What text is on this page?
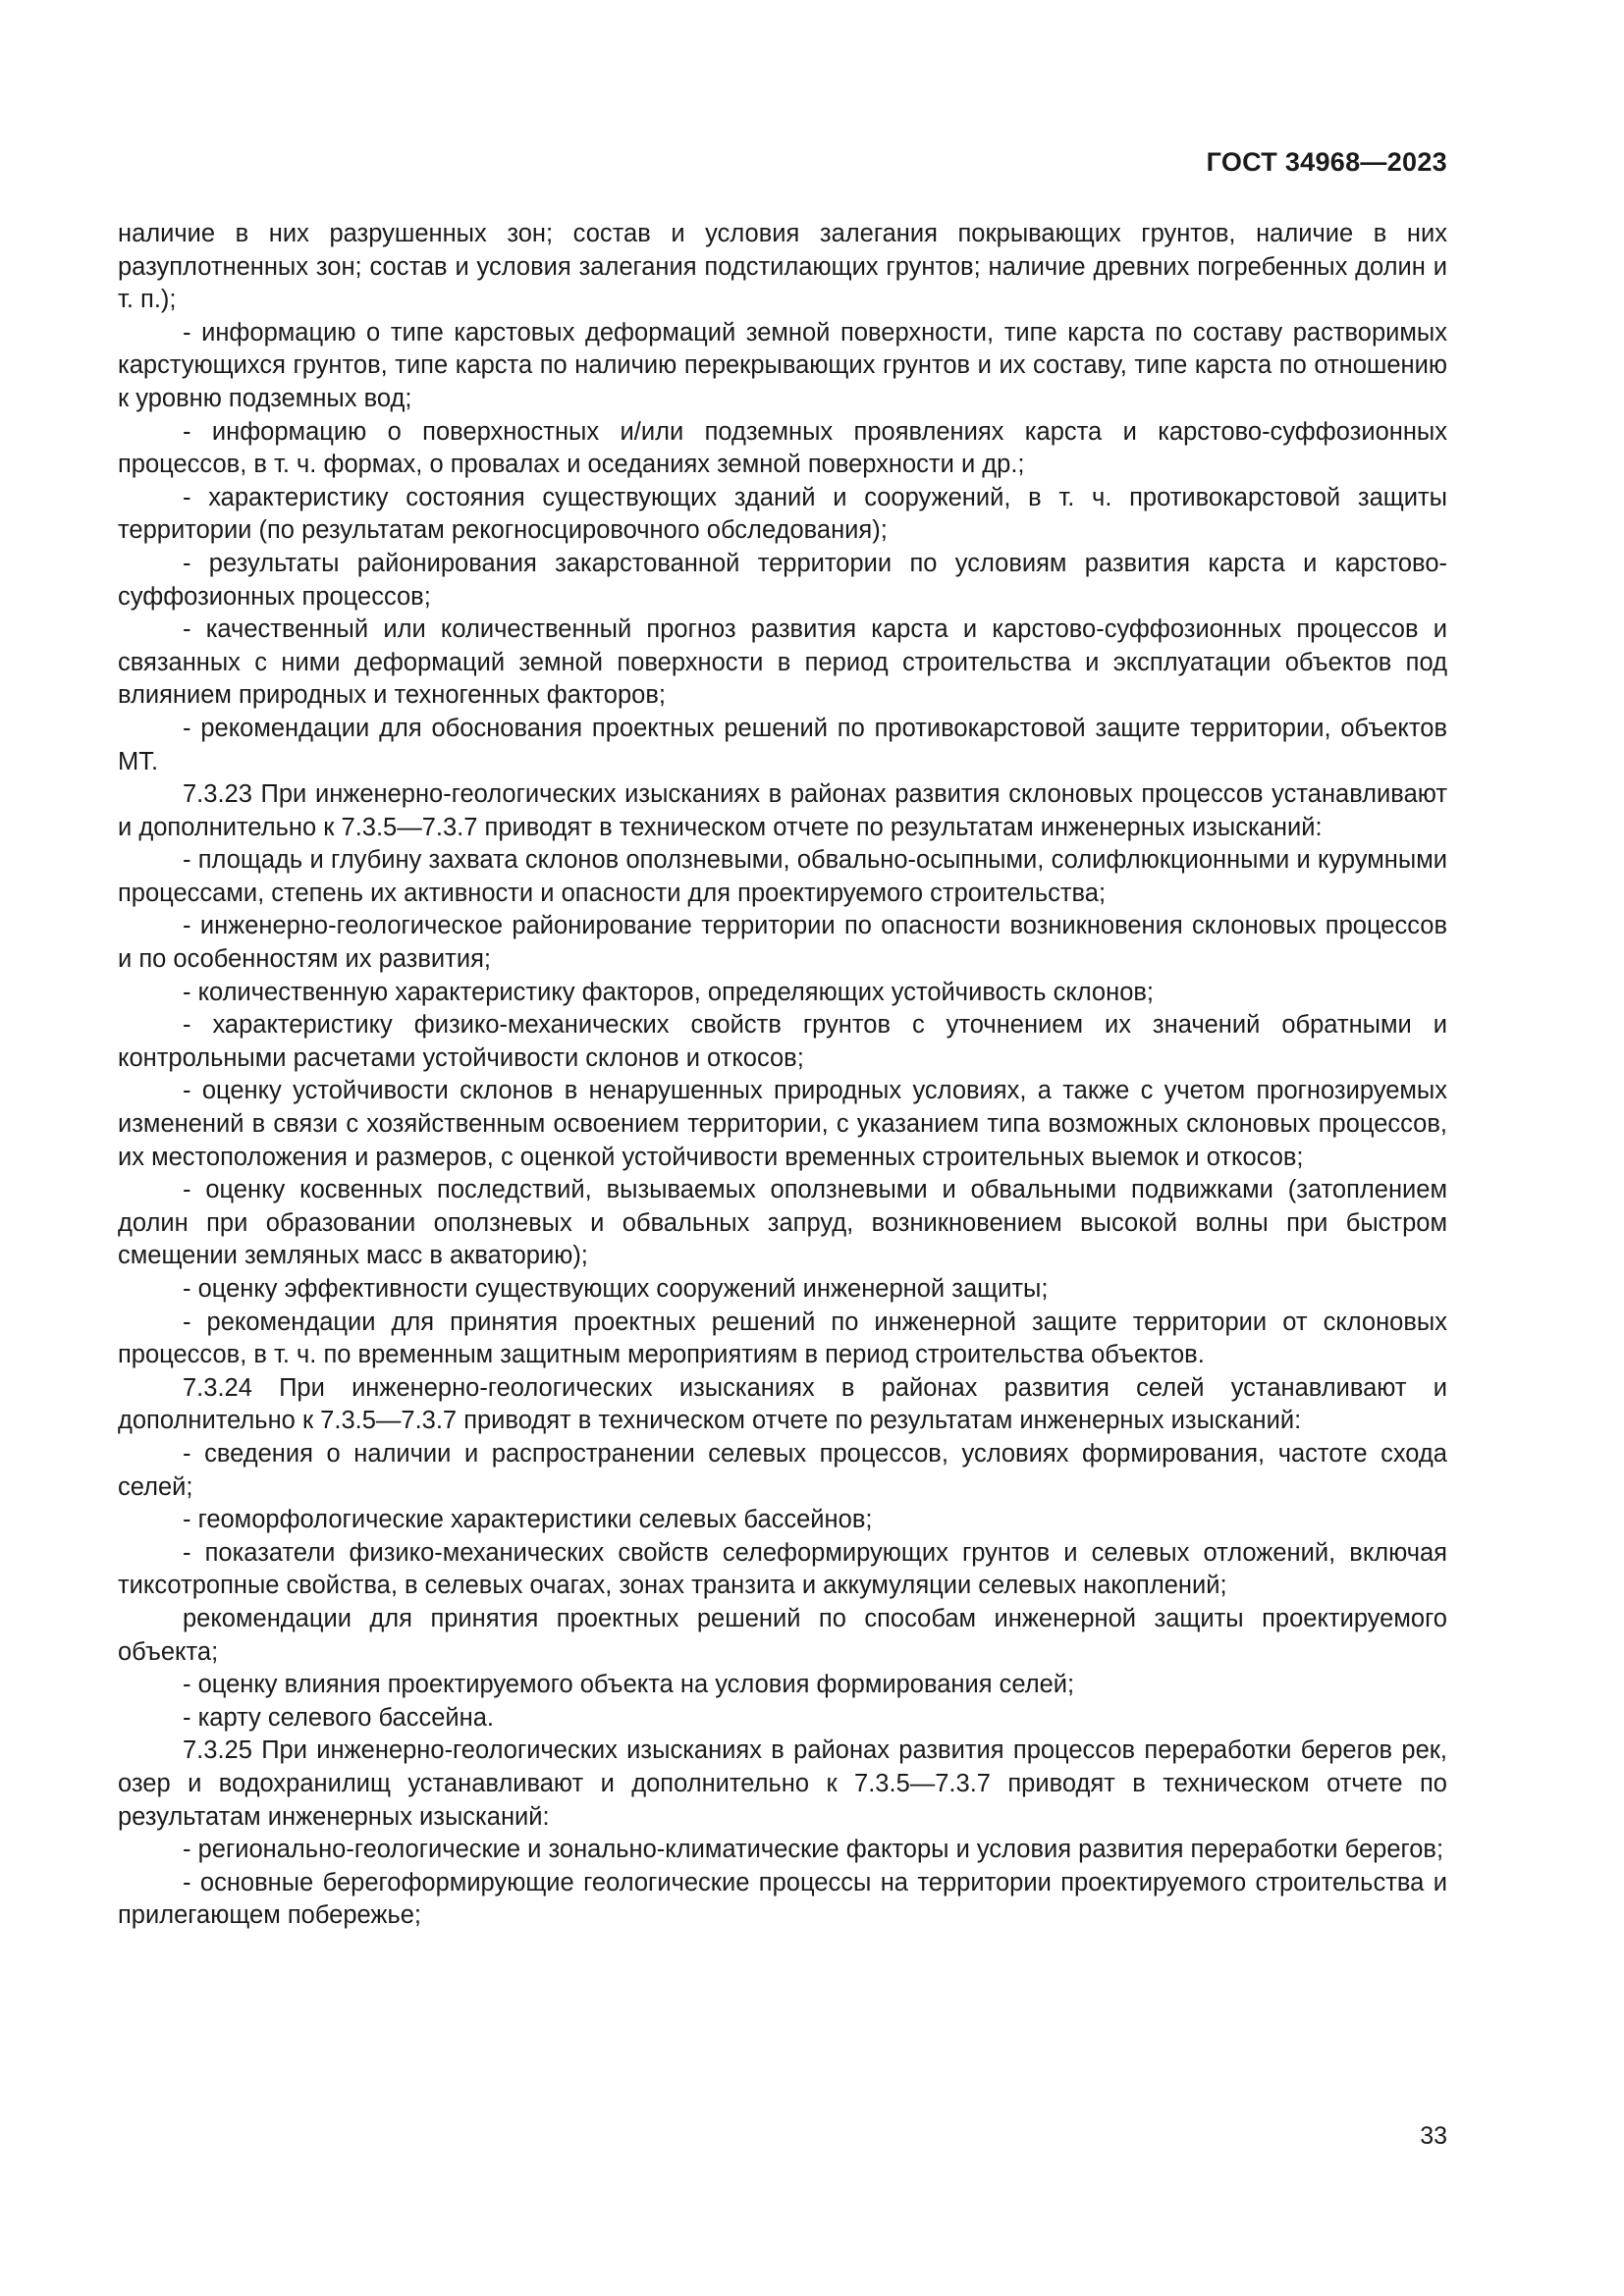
ГОСТ 34968—2023

наличие в них разрушенных зон; состав и условия залегания покрывающих грунтов, наличие в них разуплотненных зон; состав и условия залегания подстилающих грунтов; наличие древних погребенных долин и т. п.);

- информацию о типе карстовых деформаций земной поверхности, типе карста по составу растворимых карстующихся грунтов, типе карста по наличию перекрывающих грунтов и их составу, типе карста по отношению к уровню подземных вод;

- информацию о поверхностных и/или подземных проявлениях карста и карстово-суффозионных процессов, в т. ч. формах, о провалах и оседаниях земной поверхности и др.;

- характеристику состояния существующих зданий и сооружений, в т. ч. противокарстовой защиты территории (по результатам рекогносцировочного обследования);

- результаты районирования закарстованной территории по условиям развития карста и карстово-суффозионных процессов;

- качественный или количественный прогноз развития карста и карстово-суффозионных процессов и связанных с ними деформаций земной поверхности в период строительства и эксплуатации объектов под влиянием природных и техногенных факторов;

- рекомендации для обоснования проектных решений по противокарстовой защите территории, объектов МТ.

7.3.23 При инженерно-геологических изысканиях в районах развития склоновых процессов устанавливают и дополнительно к 7.3.5—7.3.7 приводят в техническом отчете по результатам инженерных изысканий:

- площадь и глубину захвата склонов оползневыми, обвально-осыпными, солифлюкционными и курумными процессами, степень их активности и опасности для проектируемого строительства;

- инженерно-геологическое районирование территории по опасности возникновения склоновых процессов и по особенностям их развития;

- количественную характеристику факторов, определяющих устойчивость склонов;

- характеристику физико-механических свойств грунтов с уточнением их значений обратными и контрольными расчетами устойчивости склонов и откосов;

- оценку устойчивости склонов в ненарушенных природных условиях, а также с учетом прогнозируемых изменений в связи с хозяйственным освоением территории, с указанием типа возможных склоновых процессов, их местоположения и размеров, с оценкой устойчивости временных строительных выемок и откосов;

- оценку косвенных последствий, вызываемых оползневыми и обвальными подвижками (затоплением долин при образовании оползневых и обвальных запруд, возникновением высокой волны при быстром смещении земляных масс в акваторию);

- оценку эффективности существующих сооружений инженерной защиты;

- рекомендации для принятия проектных решений по инженерной защите территории от склоновых процессов, в т. ч. по временным защитным мероприятиям в период строительства объектов.

7.3.24 При инженерно-геологических изысканиях в районах развития селей устанавливают и дополнительно к 7.3.5—7.3.7 приводят в техническом отчете по результатам инженерных изысканий:

- сведения о наличии и распространении селевых процессов, условиях формирования, частоте схода селей;

- геоморфологические характеристики селевых бассейнов;

- показатели физико-механических свойств селеформирующих грунтов и селевых отложений, включая тиксотропные свойства, в селевых очагах, зонах транзита и аккумуляции селевых накоплений;

рекомендации для принятия проектных решений по способам инженерной защиты проектируемого объекта;

- оценку влияния проектируемого объекта на условия формирования селей;

- карту селевого бассейна.

7.3.25 При инженерно-геологических изысканиях в районах развития процессов переработки берегов рек, озер и водохранилищ устанавливают и дополнительно к 7.3.5—7.3.7 приводят в техническом отчете по результатам инженерных изысканий:

- регионально-геологические и зонально-климатические факторы и условия развития переработки берегов;

- основные берегоформирующие геологические процессы на территории проектируемого строительства и прилегающем побережье;

33
